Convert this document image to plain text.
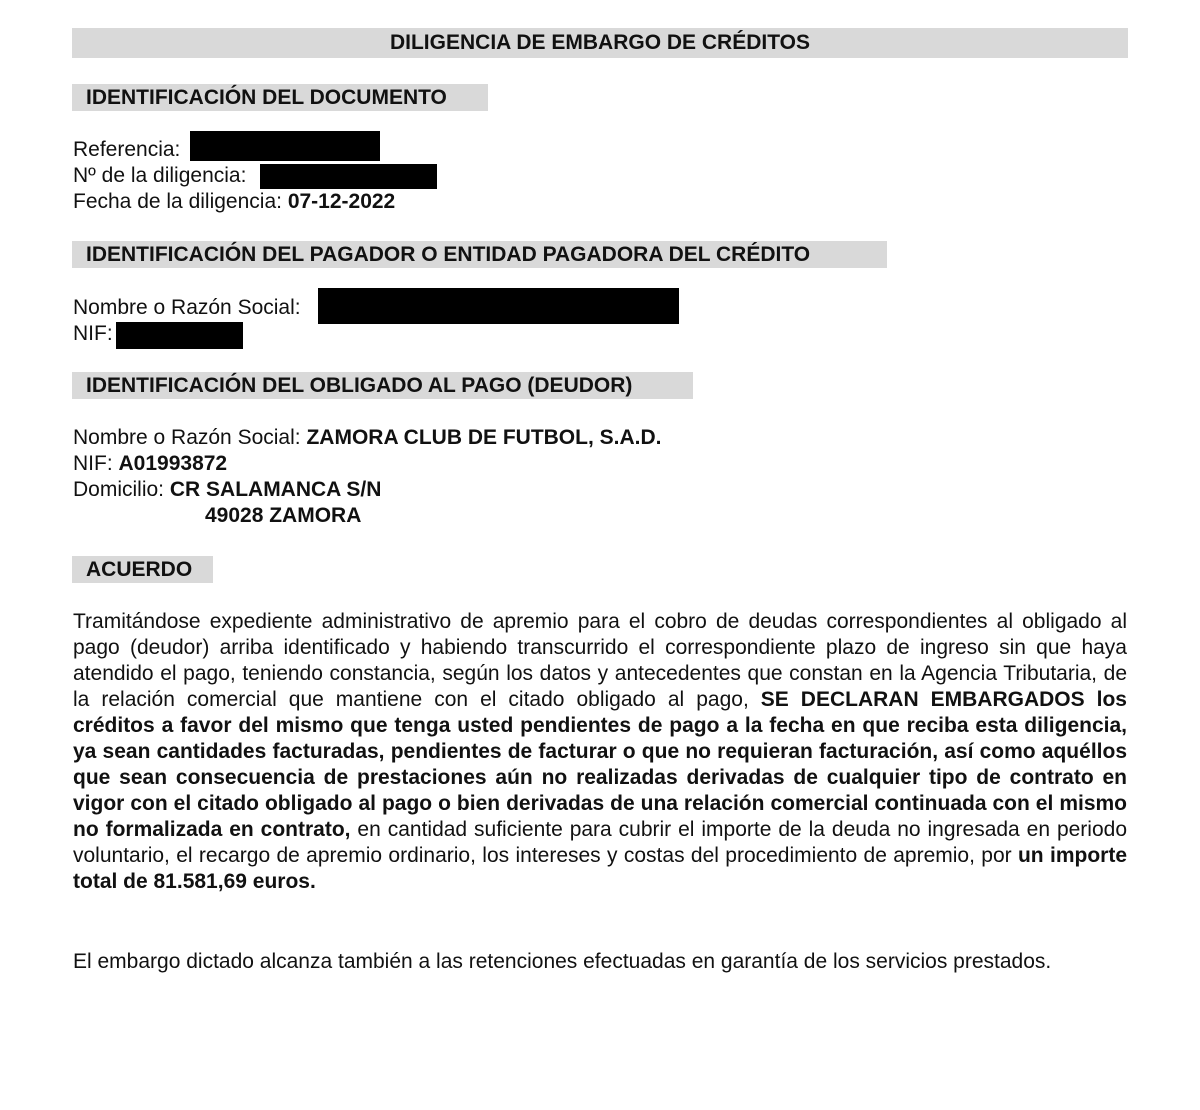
DILIGENCIA DE EMBARGO DE CRÉDITOS
IDENTIFICACIÓN DEL DOCUMENTO
Referencia:
Nº de la diligencia:
Fecha de la diligencia: 07-12-2022
IDENTIFICACIÓN DEL PAGADOR O ENTIDAD PAGADORA DEL CRÉDITO
Nombre o Razón Social:
NIF:
IDENTIFICACIÓN DEL OBLIGADO AL PAGO (DEUDOR)
Nombre o Razón Social: ZAMORA CLUB DE FUTBOL, S.A.D.
NIF: A01993872
Domicilio: CR SALAMANCA S/N
49028 ZAMORA
ACUERDO
Tramitándose expediente administrativo de apremio para el cobro de deudas correspondientes al obligado al pago (deudor) arriba identificado y habiendo transcurrido el correspondiente plazo de ingreso sin que haya atendido el pago, teniendo constancia, según los datos y antecedentes que constan en la Agencia Tributaria, de la relación comercial que mantiene con el citado obligado al pago, SE DECLARAN EMBARGADOS los créditos a favor del mismo que tenga usted pendientes de pago a la fecha en que reciba esta diligencia, ya sean cantidades facturadas, pendientes de facturar o que no requieran facturación, así como aquéllos que sean consecuencia de prestaciones aún no realizadas derivadas de cualquier tipo de contrato en vigor con el citado obligado al pago o bien derivadas de una relación comercial continuada con el mismo no formalizada en contrato, en cantidad suficiente para cubrir el importe de la deuda no ingresada en periodo voluntario, el recargo de apremio ordinario, los intereses y costas del procedimiento de apremio, por un importe total de 81.581,69 euros.
El embargo dictado alcanza también a las retenciones efectuadas en garantía de los servicios prestados.
